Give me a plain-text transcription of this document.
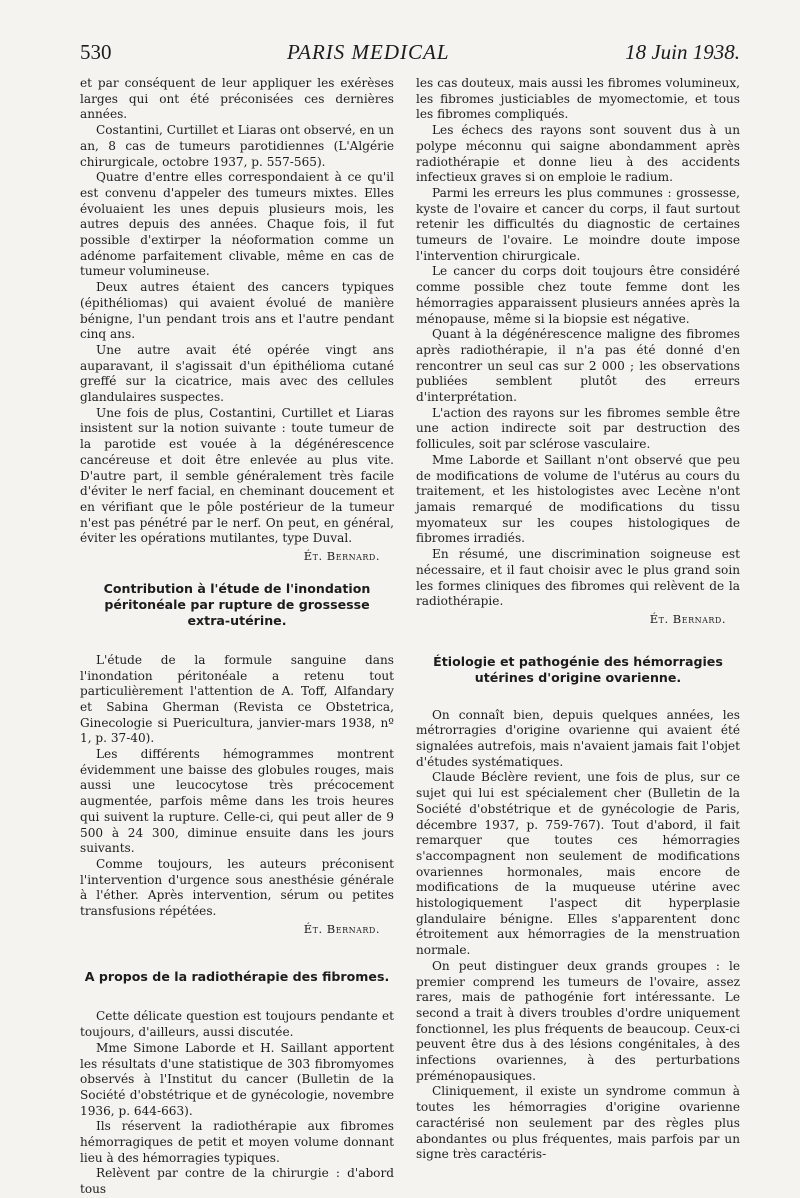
530	PARIS MEDICAL	18 Juin 1938.

et par conséquent de leur appliquer les exérèses larges qui ont été préconisées ces dernières années.

Costantini, Curtillet et Liaras ont observé, en un an, 8 cas de tumeurs parotidiennes (L'Algérie chirurgicale, octobre 1937, p. 557-565).

Quatre d'entre elles correspondaient à ce qu'il est convenu d'appeler des tumeurs mixtes. Elles évoluaient les unes depuis plusieurs mois, les autres depuis des années. Chaque fois, il fut possible d'extirper la néoformation comme un adénome parfaitement clivable, même en cas de tumeur volumineuse.

Deux autres étaient des cancers typiques (épithéliomas) qui avaient évolué de manière bénigne, l'un pendant trois ans et l'autre pendant cinq ans.

Une autre avait été opérée vingt ans auparavant, il s'agissait d'un épithélioma cutané greffé sur la cicatrice, mais avec des cellules glandulaires suspectes.

Une fois de plus, Costantini, Curtillet et Liaras insistent sur la notion suivante : toute tumeur de la parotide est vouée à la dégénérescence cancéreuse et doit être enlevée au plus vite. D'autre part, il semble généralement très facile d'éviter le nerf facial, en cheminant doucement et en vérifiant que le pôle postérieur de la tumeur n'est pas pénétré par le nerf. On peut, en général, éviter les opérations mutilantes, type Duval.

Ét. Bernard.
Contribution à l'étude de l'inondation péritonéale par rupture de grossesse extra-utérine.

L'étude de la formule sanguine dans l'inondation péritonéale a retenu tout particulièrement l'attention de A. Toff, Alfandary et Sabina Gherman (Revista ce Obstetrica, Ginecologie si Puericultura, janvier-mars 1938, nº 1, p. 37-40).

Les différents hémogrammes montrent évidemment une baisse des globules rouges, mais aussi une leucocytose très précocement augmentée, parfois même dans les trois heures qui suivent la rupture. Celle-ci, qui peut aller de 9 500 à 24 300, diminue ensuite dans les jours suivants.

Comme toujours, les auteurs préconisent l'intervention d'urgence sous anesthésie générale à l'éther. Après intervention, sérum ou petites transfusions répétées.

Ét. Bernard.
A propos de la radiothérapie des fibromes.

Cette délicate question est toujours pendante et toujours, d'ailleurs, aussi discutée.

Mme Simone Laborde et H. Saillant apportent les résultats d'une statistique de 303 fibromyomes observés à l'Institut du cancer (Bulletin de la Société d'obstétrique et de gynécologie, novembre 1936, p. 644-663).

Ils réservent la radiothérapie aux fibromes hémorragiques de petit et moyen volume donnant lieu à des hémorragies typiques.

Relèvent par contre de la chirurgie : d'abord tous

les cas douteux, mais aussi les fibromes volumineux, les fibromes justiciables de myomectomie, et tous les fibromes compliqués.

Les échecs des rayons sont souvent dus à un polype méconnu qui saigne abondamment après radiothérapie et donne lieu à des accidents infectieux graves si on emploie le radium.

Parmi les erreurs les plus communes : grossesse, kyste de l'ovaire et cancer du corps, il faut surtout retenir les difficultés du diagnostic de certaines tumeurs de l'ovaire. Le moindre doute impose l'intervention chirurgicale.

Le cancer du corps doit toujours être considéré comme possible chez toute femme dont les hémorragies apparaissent plusieurs années après la ménopause, même si la biopsie est négative.

Quant à la dégénérescence maligne des fibromes après radiothérapie, il n'a pas été donné d'en rencontrer un seul cas sur 2 000 ; les observations publiées semblent plutôt des erreurs d'interprétation.

L'action des rayons sur les fibromes semble être une action indirecte soit par destruction des follicules, soit par sclérose vasculaire.

Mme Laborde et Saillant n'ont observé que peu de modifications de volume de l'utérus au cours du traitement, et les histologistes avec Lecène n'ont jamais remarqué de modifications du tissu myomateux sur les coupes histologiques de fibromes irradiés.

En résumé, une discrimination soigneuse est nécessaire, et il faut choisir avec le plus grand soin les formes cliniques des fibromes qui relèvent de la radiothérapie.

Ét. Bernard.
Étiologie et pathogénie des hémorragies utérines d'origine ovarienne.

On connaît bien, depuis quelques années, les métrorragies d'origine ovarienne qui avaient été signalées autrefois, mais n'avaient jamais fait l'objet d'études systématiques.

Claude Béclère revient, une fois de plus, sur ce sujet qui lui est spécialement cher (Bulletin de la Société d'obstétrique et de gynécologie de Paris, décembre 1937, p. 759-767). Tout d'abord, il fait remarquer que toutes ces hémorragies s'accompagnent non seulement de modifications ovariennes hormonales, mais encore de modifications de la muqueuse utérine avec histologiquement l'aspect dit hyperplasie glandulaire bénigne. Elles s'apparentent donc étroitement aux hémorragies de la menstruation normale.

On peut distinguer deux grands groupes : le premier comprend les tumeurs de l'ovaire, assez rares, mais de pathogénie fort intéressante. Le second a trait à divers troubles d'ordre uniquement fonctionnel, les plus fréquents de beaucoup. Ceux-ci peuvent être dus à des lésions congénitales, à des infections ovariennes, à des perturbations préménopausiques.

Cliniquement, il existe un syndrome commun à toutes les hémorragies d'origine ovarienne caractérisé non seulement par des règles plus abondantes ou plus fréquentes, mais parfois par un signe très caractéris-
